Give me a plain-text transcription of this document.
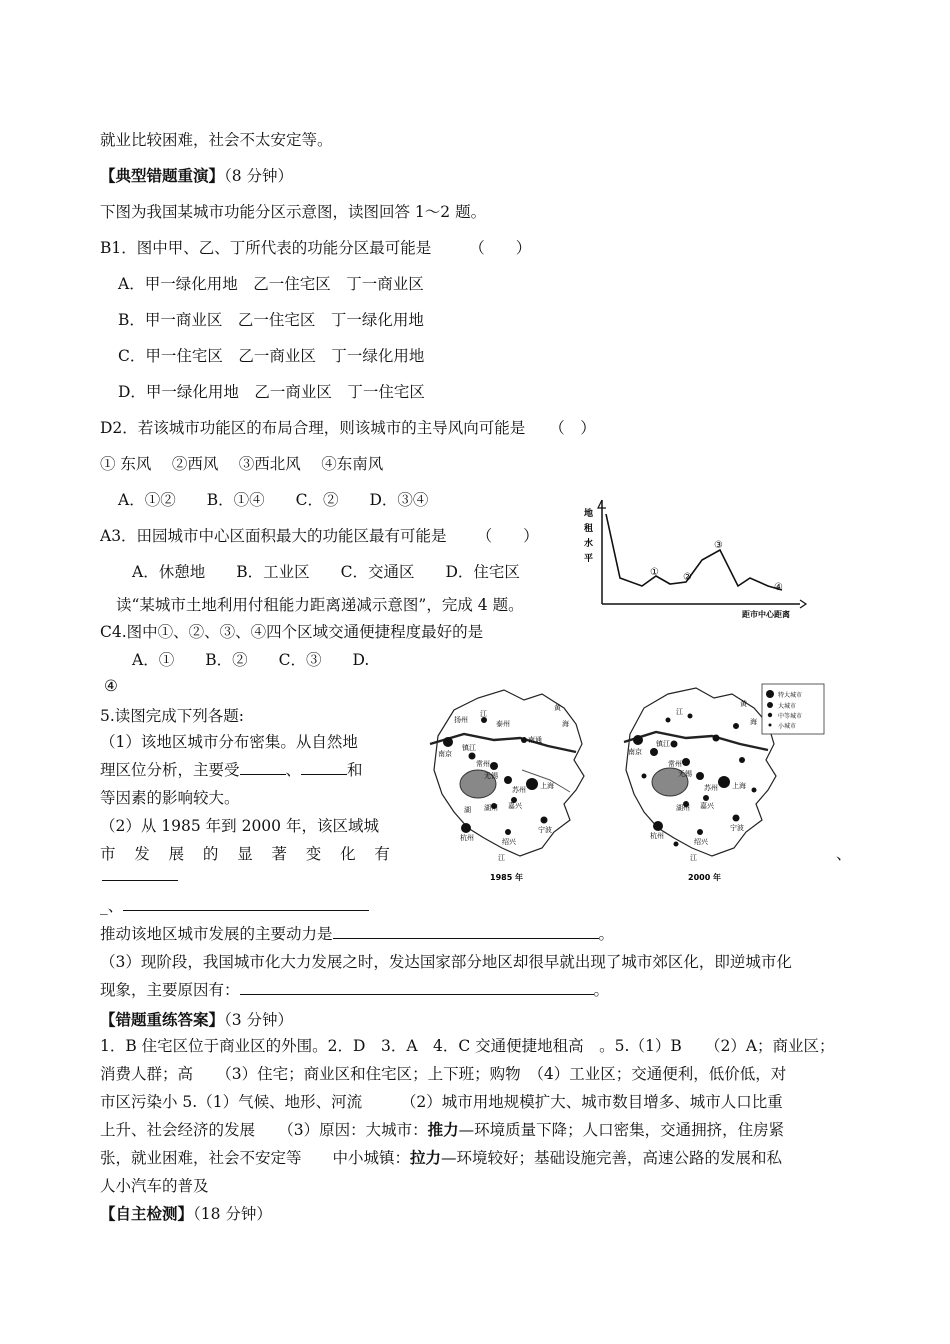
就业比较困难，社会不太安定等。
【典型错题重演】（8 分钟）
下图为我国某城市功能分区示意图，读图回答 1～2 题。
B1．图中甲、乙、丁所代表的功能分区最可能是 （　　）
A．甲一绿化用地　乙一住宅区　丁一商业区
B．甲一商业区　乙一住宅区　丁一绿化用地
C．甲一住宅区　乙一商业区　丁一绿化用地
D．甲一绿化用地　乙一商业区　丁一住宅区
D2．若该城市功能区的布局合理，则该城市的主导风向可能是 （　）
① 东风　 ②西风　 ③西北风　 ④东南风
A．①②　　B．①④　　C．②　　D．③④
A3．田园城市中心区面积最大的功能区最有可能是 （　　）
A．休憩地　　B．工业区　　C．交通区　　D．住宅区
读“某城市土地利用付租能力距离递减示意图”，完成 4 题。
C4.图中①、②、③、④四个区域交通便捷程度最好的是
A．①　　B．②　　C．③　　D.
④
地
租
水
平
① ②
③
④
距市中心距离
5.读图完成下列各题:
（1）该地区城市分布密集。从自然地
理区位分析，主要受	、	和
等因素的影响较大。
（2）从 1985 年到 2000 年，该区域城
市 发 展 的 显 著 变 化 有	、
_、
推动该地区城市发展的主要动力是	。
（3）现阶段，我国城市化大力发展之时，发达国家部分地区却很早就出现了城市郊区化，即逆城市化
现象，主要原因有：	。
扬州
江
泰州
南京
镇江
常州
南通
无锡
苏州 上海
湖州 嘉兴
杭州
湖
绍兴
宁波
江
黄
海
1985 年
黄
海
江
南京
镇江
常州
无锡
苏州 上海
湖州 嘉兴
杭州
绍兴
宁波
江
特大城市
大城市
中等城市
小城市
2000 年
【错题重练答案】（3 分钟）
1．B 住宅区位于商业区的外围。2．D　3．A　4．C 交通便捷地租高　。5.（1）B　　（2）A；商业区；
消费人群；高　　（3）住宅；商业区和住宅区；上下班；购物　（4）工业区；交通便利，低价低，对
市区污染小 5.（1）气候、地形、河流　　　（2）城市用地规模扩大、城市数目增多、城市人口比重
上升、社会经济的发展　　（3）原因：大城市：推力—环境质量下降；人口密集，交通拥挤，住房紧
张，就业困难，社会不安定等　　中小城镇：拉力—环境较好；基础设施完善，高速公路的发展和私
人小汽车的普及
【自主检测】（18 分钟）
